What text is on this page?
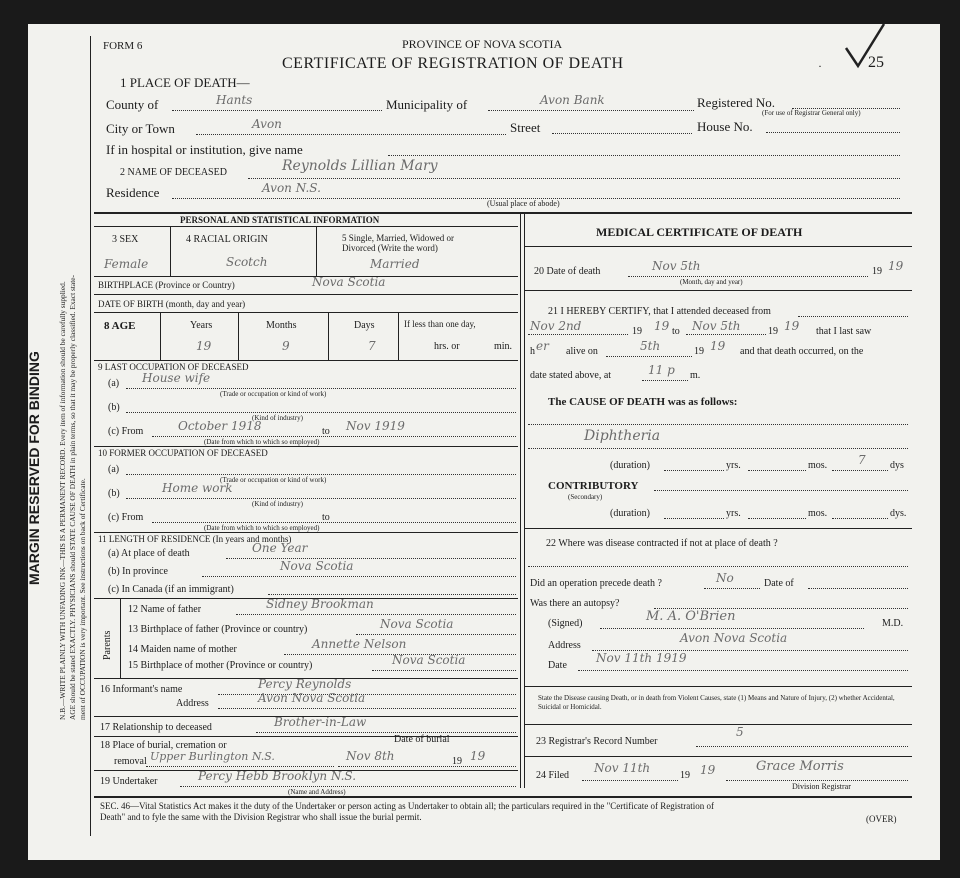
MARGIN RESERVED FOR BINDING N.B.—WRITE PLAINLY WITH UNFADING INK—THIS IS A PERMANENT RECORD. Every item of information should be carefully supplied. AGE should be stated EXACTLY. PHYSICIANS should STATE CAUSE OF DEATH in plain terms, so that it may be properly classified. Exact state- ment of OCCUPATION is very important. See instructions on back of Certificate.
FORM 6	PROVINCE OF NOVA SCOTIA
CERTIFICATE OF REGISTRATION OF DEATH	25
·
1 PLACE OF DEATH—
County of	Hants	Municipality of	Avon Bank	Registered No.
(For use of Registrar General only)
City or Town	Avon	Street	House No.
If in hospital or institution, give name
2 NAME OF DECEASED	Reynolds Lillian Mary
Residence	Avon N.S.
(Usual place of abode)
PERSONAL AND STATISTICAL INFORMATION
3 SEX	4 RACIAL ORIGIN	5 Single, Married, Widowed or
Divorced (Write the word)
Female	Scotch	Married
BIRTHPLACE (Province or Country)	Nova Scotia
DATE OF BIRTH (month, day and year)
8 AGE	Years	Months	Days	If less than one day,
hrs. or	min.
19	9	7
9 LAST OCCUPATION OF DECEASED
(a) House wife
(Trade or occupation or kind of work)
(b)
(Kind of industry)
(c) From	October 1918	to Nov 1919
(Date from which to which so employed)
10 FORMER OCCUPATION OF DECEASED
(a)
(Trade or occupation or kind of work)
(b)	Home work
(Kind of industry)
(c) From	to
(Date from which to which so employed)
11 LENGTH OF RESIDENCE (In years and months)
(a) At place of death	One Year
(b) In province	Nova Scotia
(c) In Canada (if an immigrant)
Parents
12 Name of father	Sidney Brookman
13 Birthplace of father (Province or country)	Nova Scotia
14 Maiden name of mother	Annette Nelson
15 Birthplace of mother (Province or country)	Nova Scotia
16 Informant's name	Percy Reynolds
Address	Avon Nova Scotia
17 Relationship to deceased	Brother-in-Law
18 Place of burial, cremation or
removal Upper Burlington N.S.
Date of burial
Nov 8th	19 19
19 Undertaker	Percy Hebb Brooklyn N.S.
(Name and Address)
MEDICAL CERTIFICATE OF DEATH
20 Date of death	Nov 5th	19 19
(Month, day and year)
21 I HEREBY CERTIFY, that I attended deceased from
Nov 2nd	19 19 to Nov 5th	19 19 that I last saw
h er alive on	5th	19 19 and that death occurred, on the
date stated above, at	11 p m.
The CAUSE OF DEATH was as follows:
Diphtheria
(duration)	yrs.	mos.	7 dys
CONTRIBUTORY
(Secondary)
(duration)	yrs.	mos.	dys.
22 Where was disease contracted if not at place of death ?
Did an operation precede death ?	No	Date of
Was there an autopsy?
(Signed)	M. A. O'Brien	M.D.
Address
Avon Nova Scotia
Date
Nov 11th 1919
State the Disease causing Death, or in death from Violent Causes, state (1) Means and Nature of Injury, (2) whether Accidental, Suicidal or Homicidal.
23 Registrar's Record Number
5
24 Filed
Nov 11th
19 19	Grace Morris
Division Registrar
SEC. 46—Vital Statistics Act makes it the duty of the Undertaker or person acting as Undertaker to obtain all; the particulars required in the "Certificate of Registration of
Death" and to fyle the same with the Division Registrar who shall issue the burial permit.	(OVER)
